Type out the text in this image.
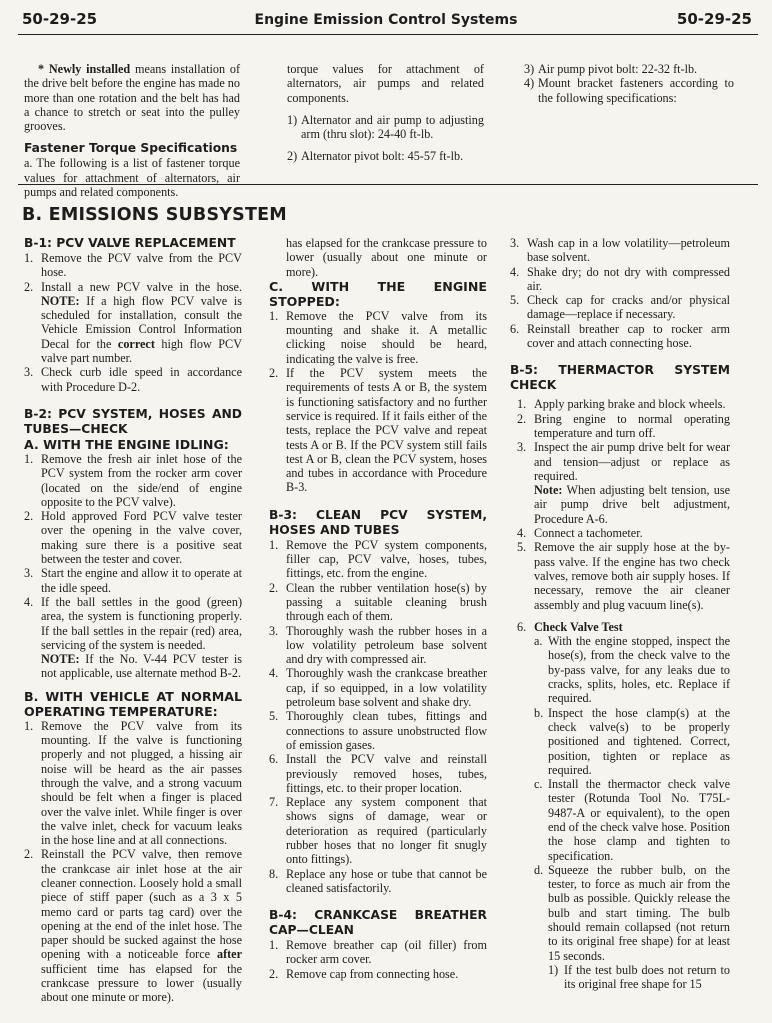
50-29-25	Engine Emission Control Systems	50-29-25

* Newly installed means installation of the drive belt before the engine has made no more than one rotation and the belt has had a chance to stretch or seat into the pulley grooves.

Fastener Torque Specifications

a. The following is a list of fastener torque values for attachment of alternators, air pumps and related components.

torque values for attachment of alternators, air pumps and related components.

1) Alternator and air pump to adjusting arm (thru slot): 24-40 ft-lb.
2) Alternator pivot bolt: 45-57 ft-lb.
3) Air pump pivot bolt: 22-32 ft-lb.
4) Mount bracket fasteners according to the following specifications:
B. EMISSIONS SUBSYSTEM

B-1: PCV VALVE REPLACEMENT

1. Remove the PCV valve from the PCV hose.
2. Install a new PCV valve in the hose. NOTE: If a high flow PCV valve is scheduled for installation, consult the Vehicle Emission Control Information Decal for the correct high flow PCV valve part number.
3. Check curb idle speed in accordance with Procedure D-2.

B-2: PCV SYSTEM, HOSES AND TUBES—CHECK

A. WITH THE ENGINE IDLING:

1. Remove the fresh air inlet hose of the PCV system from the rocker arm cover (located on the side/end of engine opposite to the PCV valve).
2. Hold approved Ford PCV valve tester over the opening in the valve cover, making sure there is a positive seat between the tester and cover.
3. Start the engine and allow it to operate at the idle speed.
4. If the ball settles in the good (green) area, the system is functioning properly. If the ball settles in the repair (red) area, servicing of the system is needed.
NOTE: If the No. V-44 PCV tester is not applicable, use alternate method B-2.

B. WITH VEHICLE AT NORMAL OPERATING TEMPERATURE:

1. Remove the PCV valve from its mounting. If the valve is functioning properly and not plugged, a hissing air noise will be heard as the air passes through the valve, and a strong vacuum should be felt when a finger is placed over the valve inlet. While finger is over the valve inlet, check for vacuum leaks in the hose line and at all connections.
2. Reinstall the PCV valve, then remove the crankcase air inlet hose at the air cleaner connection. Loosely hold a small piece of stiff paper (such as a 3 x 5 memo card or parts tag card) over the opening at the end of the inlet hose. The paper should be sucked against the hose opening with a noticeable force after sufficient time has elapsed for the crankcase pressure to lower (usually about one minute or more).

has elapsed for the crankcase pressure to lower (usually about one minute or more).

C. WITH THE ENGINE STOPPED:

1. Remove the PCV valve from its mounting and shake it. A metallic clicking noise should be heard, indicating the valve is free.
2. If the PCV system meets the requirements of tests A or B, the system is functioning satisfactory and no further service is required. If it fails either of the tests, replace the PCV valve and repeat tests A or B. If the PCV system still fails test A or B, clean the PCV system, hoses and tubes in accordance with Procedure B-3.

B-3: CLEAN PCV SYSTEM, HOSES AND TUBES

1. Remove the PCV system components, filler cap, PCV valve, hoses, tubes, fittings, etc. from the engine.
2. Clean the rubber ventilation hose(s) by passing a suitable cleaning brush through each of them.
3. Thoroughly wash the rubber hoses in a low volatility petroleum base solvent and dry with compressed air.
4. Thoroughly wash the crankcase breather cap, if so equipped, in a low volatility petroleum base solvent and shake dry.
5. Thoroughly clean tubes, fittings and connections to assure unobstructed flow of emission gases.
6. Install the PCV valve and reinstall previously removed hoses, tubes, fittings, etc. to their proper location.
7. Replace any system component that shows signs of damage, wear or deterioration as required (particularly rubber hoses that no longer fit snugly onto fittings).
8. Replace any hose or tube that cannot be cleaned satisfactorily.

B-4: CRANKCASE BREATHER CAP—CLEAN

1. Remove breather cap (oil filler) from rocker arm cover.
2. Remove cap from connecting hose.
3. Wash cap in a low volatility—petroleum base solvent.
4. Shake dry; do not dry with compressed air.
5. Check cap for cracks and/or physical damage—replace if necessary.
6. Reinstall breather cap to rocker arm cover and attach connecting hose.

B-5: THERMACTOR SYSTEM CHECK

1. Apply parking brake and block wheels.
2. Bring engine to normal operating temperature and turn off.
3. Inspect the air pump drive belt for wear and tension—adjust or replace as required.
Note: When adjusting belt tension, use air pump drive belt adjustment, Procedure A-6.
4. Connect a tachometer.
5. Remove the air supply hose at the by-pass valve. If the engine has two check valves, remove both air supply hoses. If necessary, remove the air cleaner assembly and plug vacuum line(s).
6. Check Valve Test
a. With the engine stopped, inspect the hose(s), from the check valve to the by-pass valve, for any leaks due to cracks, splits, holes, etc. Replace if required.
b. Inspect the hose clamp(s) at the check valve(s) to be properly positioned and tightened. Correct, position, tighten or replace as required.
c. Install the thermactor check valve tester (Rotunda Tool No. T75L-9487-A or equivalent), to the open end of the check valve hose. Position the hose clamp and tighten to specification.
d. Squeeze the rubber bulb, on the tester, to force as much air from the bulb as possible. Quickly release the bulb and start timing. The bulb should remain collapsed (not return to its original free shape) for at least 15 seconds.
1) If the test bulb does not return to its original free shape for 15
